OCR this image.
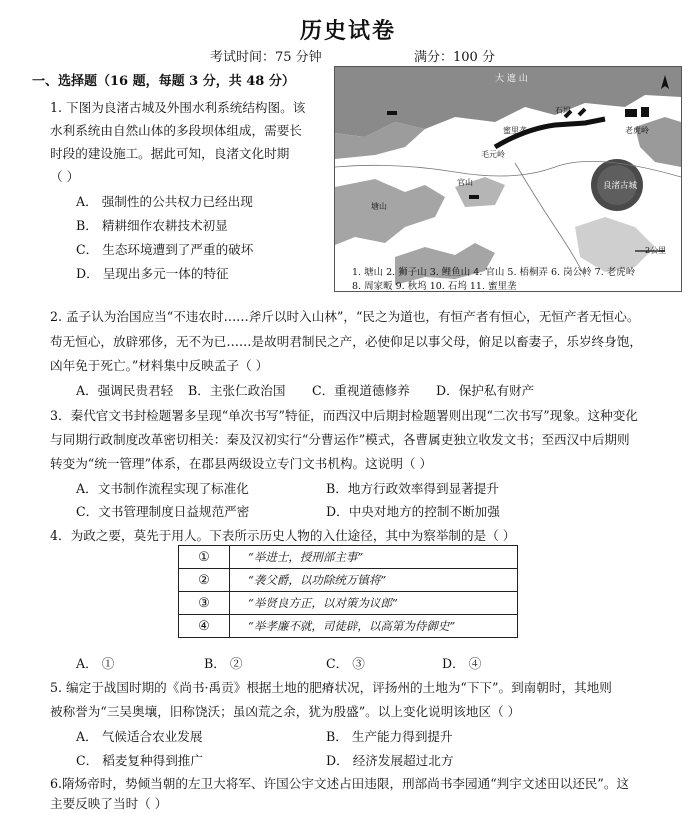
历史试卷
考试时间：75 分钟	满分：100 分
一、选择题（16 题，每题 3 分，共 48 分）
1. 下图为良渚古城及外围水利系统结构图。该
水利系统由自然山体的多段坝体组成，需要长
时段的建设施工。据此可知，良渚文化时期
（ ）
A． 强制性的公共权力已经出现
B． 精耕细作农耕技术初显
C． 生态环境遭到了严重的破坏
D． 呈现出多元一体的特征
大 遮 山
良渚古城
蜜里垄	老虎岭
石坞
毛元岭
塘山
官山
2公里
1. 塘山 2. 狮子山 3. 鲤鱼山 4. 官山 5. 梧桐弄 6. 岗公岭 7. 老虎岭
8. 周家畈 9. 秋坞 10. 石坞 11. 蜜里垄
2. 孟子认为治国应当“不违农时……斧斤以时入山林”，“民之为道也，有恒产者有恒心，无恒产者无恒心。
苟无恒心，放辟邪侈，无不为已……是故明君制民之产，必使仰足以事父母，俯足以畜妻子，乐岁终身饱，
凶年免于死亡。”材料集中反映孟子（ ）
A．强调民贵君轻 B．主张仁政治国 C．重视道德修养 D．保护私有财产
3．秦代官文书封检题署多呈现“单次书写”特征，而西汉中后期封检题署则出现“二次书写”现象。这种变化
与同期行政制度改革密切相关：秦及汉初实行“分曹运作”模式，各曹属吏独立收发文书；至西汉中后期则
转变为“统一管理”体系，在郡县两级设立专门文书机构。这说明（ ）
A．文书制作流程实现了标准化	B．地方行政效率得到显著提升
C．文书管理制度日益规范严密	D．中央对地方的控制不断加强
4．为政之要，莫先于用人。下表所示历史人物的入仕途径，其中为察举制的是（ ）
①	“举进士，授刑部主事”
②	“袭父爵，以功除统万镇将”
③	“举贤良方正，以对策为议郎”
④	“举孝廉不就，司徒辟，以高第为侍御史”
A． ①	B． ②	C． ③	D． ④
5. 编定于战国时期的《尚书·禹贡》根据土地的肥瘠状况，评扬州的土地为“下下”。到南朝时，其地则
被称誉为“三吴奥壤，旧称饶沃；虽凶荒之余，犹为殷盛”。以上变化说明该地区（ ）
A． 气候适合农业发展	B． 生产能力得到提升
C． 稻麦复种得到推广	D． 经济发展超过北方
6.隋炀帝时，势倾当朝的左卫大将军、许国公宇文述占田违限，刑部尚书李园通“判宇文述田以还民”。这
主要反映了当时（ ）
